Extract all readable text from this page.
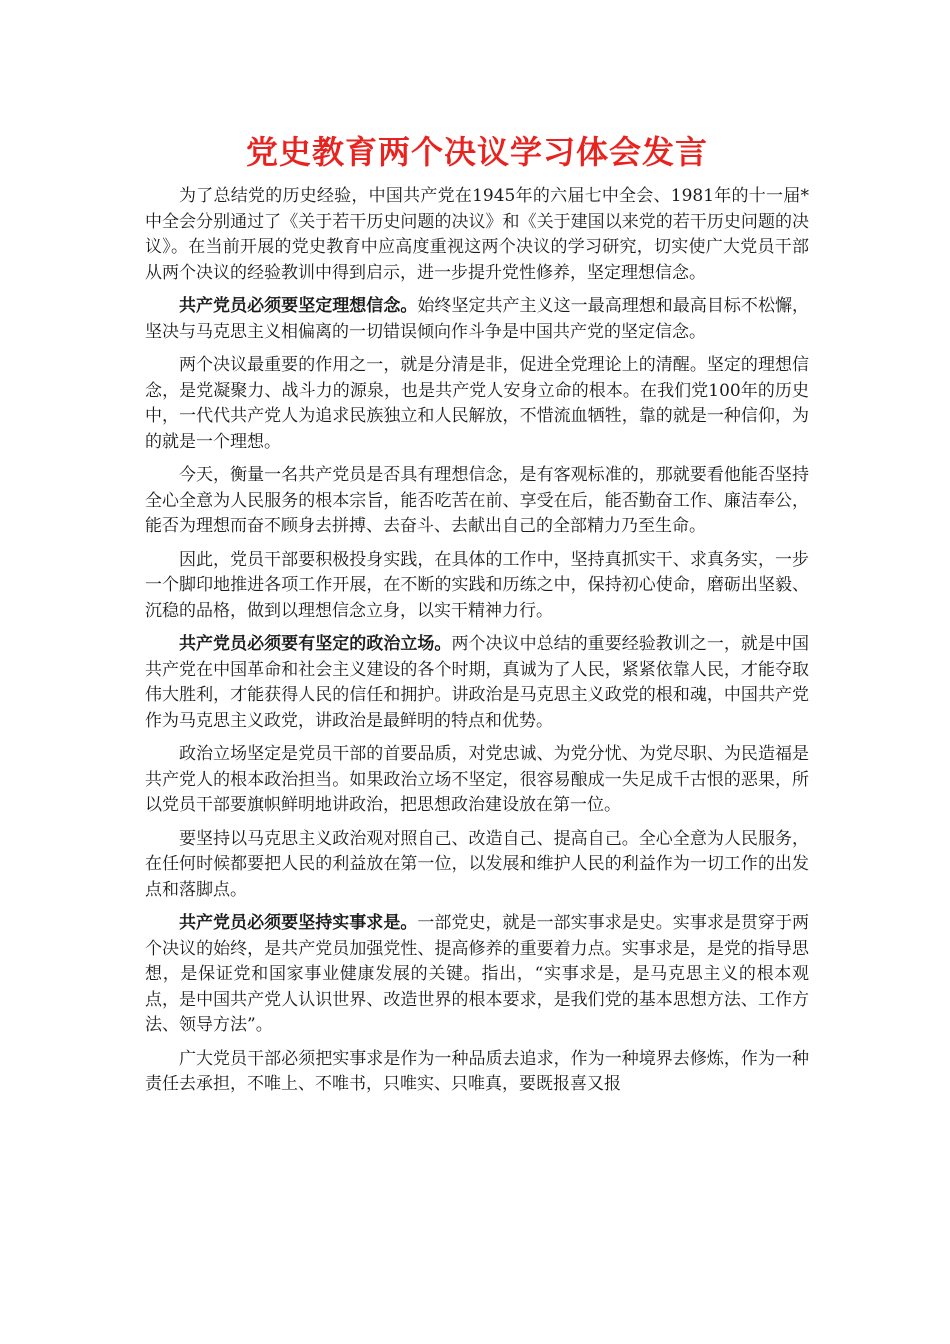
党史教育两个决议学习体会发言

为了总结党的历史经验，中国共产党在1945年的六届七中全会、1981年的十一届*中全会分别通过了《关于若干历史问题的决议》和《关于建国以来党的若干历史问题的决议》。在当前开展的党史教育中应高度重视这两个决议的学习研究，切实使广大党员干部从两个决议的经验教训中得到启示，进一步提升党性修养，坚定理想信念。

共产党员必须要坚定理想信念。始终坚定共产主义这一最高理想和最高目标不松懈，坚决与马克思主义相偏离的一切错误倾向作斗争是中国共产党的坚定信念。

两个决议最重要的作用之一，就是分清是非，促进全党理论上的清醒。坚定的理想信念，是党凝聚力、战斗力的源泉，也是共产党人安身立命的根本。在我们党100年的历史中，一代代共产党人为追求民族独立和人民解放，不惜流血牺牲，靠的就是一种信仰，为的就是一个理想。

今天，衡量一名共产党员是否具有理想信念，是有客观标准的，那就要看他能否坚持全心全意为人民服务的根本宗旨，能否吃苦在前、享受在后，能否勤奋工作、廉洁奉公，能否为理想而奋不顾身去拼搏、去奋斗、去献出自己的全部精力乃至生命。

因此，党员干部要积极投身实践，在具体的工作中，坚持真抓实干、求真务实，一步一个脚印地推进各项工作开展，在不断的实践和历练之中，保持初心使命，磨砺出坚毅、沉稳的品格，做到以理想信念立身，以实干精神力行。

共产党员必须要有坚定的政治立场。两个决议中总结的重要经验教训之一，就是中国共产党在中国革命和社会主义建设的各个时期，真诚为了人民，紧紧依靠人民，才能夺取伟大胜利，才能获得人民的信任和拥护。讲政治是马克思主义政党的根和魂，中国共产党作为马克思主义政党，讲政治是最鲜明的特点和优势。

政治立场坚定是党员干部的首要品质，对党忠诚、为党分忧、为党尽职、为民造福是共产党人的根本政治担当。如果政治立场不坚定，很容易酿成一失足成千古恨的恶果，所以党员干部要旗帜鲜明地讲政治，把思想政治建设放在第一位。

要坚持以马克思主义政治观对照自己、改造自己、提高自己。全心全意为人民服务，在任何时候都要把人民的利益放在第一位，以发展和维护人民的利益作为一切工作的出发点和落脚点。

共产党员必须要坚持实事求是。一部党史，就是一部实事求是史。实事求是贯穿于两个决议的始终，是共产党员加强党性、提高修养的重要着力点。实事求是，是党的指导思想，是保证党和国家事业健康发展的关键。指出，“实事求是，是马克思主义的根本观点，是中国共产党人认识世界、改造世界的根本要求，是我们党的基本思想方法、工作方法、领导方法”。

广大党员干部必须把实事求是作为一种品质去追求，作为一种境界去修炼，作为一种责任去承担，不唯上、不唯书，只唯实、只唯真，要既报喜又报
